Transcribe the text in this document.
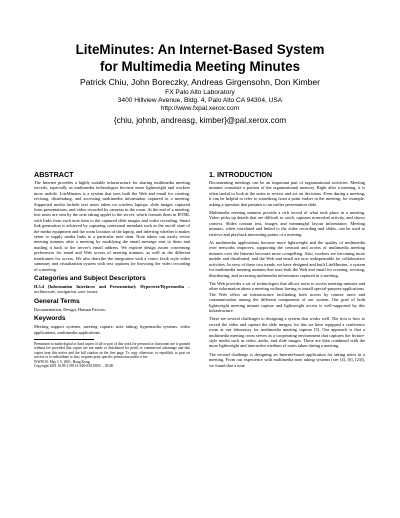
LiteMinutes: An Internet-Based System
for Multimedia Meeting Minutes
Patrick Chiu, John Boreczky, Andreas Girgensohn, Don Kimber
FX Palo Alto Laboratory
3400 Hillview Avenue, Bldg. 4, Palo Alto CA 94304, USA
http://www.fxpal.xerox.com
{chiu, johnb, andreasg, kimber}@pal.xerox.com
ABSTRACT

The Internet provides a highly suitable infrastructure for sharing multimedia meeting records, especially as multimedia technologies become more lightweight and workers more mobile. LiteMinutes is a system that uses both the Web and email for creating, revising, distributing, and accessing multimedia information captured in a meeting. Supported media include text notes taken on wireless laptops, slide images captured from presentations, and video recorded by cameras in the room. At the end of a meeting, text notes are sent by the note taking applet to the server, which formats them in HTML with links from each note item to the captured slide images and video recording. Smart link generation is achieved by capturing contextual metadata such as the on/off state of the media equipment and the room location of the laptop, and inferring whether it makes sense to supply media links to a particular note item. Note takers can easily revise meeting minutes after a meeting by modifying the email message sent to them and mailing it back to the server's email address. We explore design issues concerning preferences for email and Web access of meeting minutes, as well as the different timeframes for access. We also describe the integration with a comic book style video summary and visualization system with text captions for browsing the video recording of a meeting.

Categories and Subject Descriptors

H.5.4 [Information Interfaces and Presentation]: Hypertext/Hypermedia – architecture, navigation, user issues.

General Terms

Documentation, Design, Human Factors.

Keywords

Meeting support systems, meeting capture, note taking, hypermedia systems, video applications, multimedia applications.

Permission to make digital or hard copies of all or part of this work for personal or classroom use is granted without fee provided that copies are not made or distributed for profit or commercial advantage and that copies bear this notice and the full citation on the first page. To copy otherwise, or republish, to post on servers or to redistribute to lists, requires prior specific permission and/or a fee.

WWW10, May 1-5, 2001, Hong Kong.

Copyright 2001 ACM 1-58113-348-0/01/0005 …$5.00.

1. INTRODUCTION

Documenting meetings can be an important part of organizational activities. Meeting minutes constitute a portion of the organizational memory. Right after a meeting, it is often useful to look at the notes to review and act on decisions. Even during a meeting, it can be helpful to refer to something from a point earlier in the meeting; for example, asking a question that pertains to an earlier presentation slide.

Multimedia meeting minutes provide a rich record of what took place in a meeting. Video picks up details that are difficult to catch, captures nonverbal activity, and shows context. Slides contain text, images and meaningful layout information. Meeting minutes, when correlated and linked to the video recording and slides, can be used to retrieve and playback interesting points of a meeting.

As multimedia applications become more lightweight and the quality of multimedia over networks improves, supporting the creation and access of multimedia meeting minutes over the Internet becomes more compelling. Also, workers are becoming more mobile and distributed, and the Web and email are now indispensable for collaborative activities. In view of these two trends, we have designed and built LiteMinutes, a system for multimedia meeting minutes that uses both the Web and email for creating, revising, distributing, and accessing multimedia information captured in a meeting.

The Web provides a set of technologies that allows users to access meeting minutes and other information about a meeting without having to install special-purpose applications. The Web offers an infrastructure facilitating both access by remote users and communication among the different components of our system. Our goal of both lightweight meeting minute capture and lightweight access is well-supported by this infrastructure.

There are several challenges to designing a system that works well. The first is how to record the video and capture the slide images; for this we have equipped a conference room at our laboratory for multimedia meeting capture [5]. Our approach is that a multimedia meeting room serves as a cooperating environment that captures the lecture-style media such as video, audio, and slide images. These are then combined with the more lightweight and interactive medium of notes taken during a meeting.

The second challenge is designing an Internet-based application for taking notes in a meeting. From our experience with multimedia note taking systems (see [4], [6], [23]), we found that a note
